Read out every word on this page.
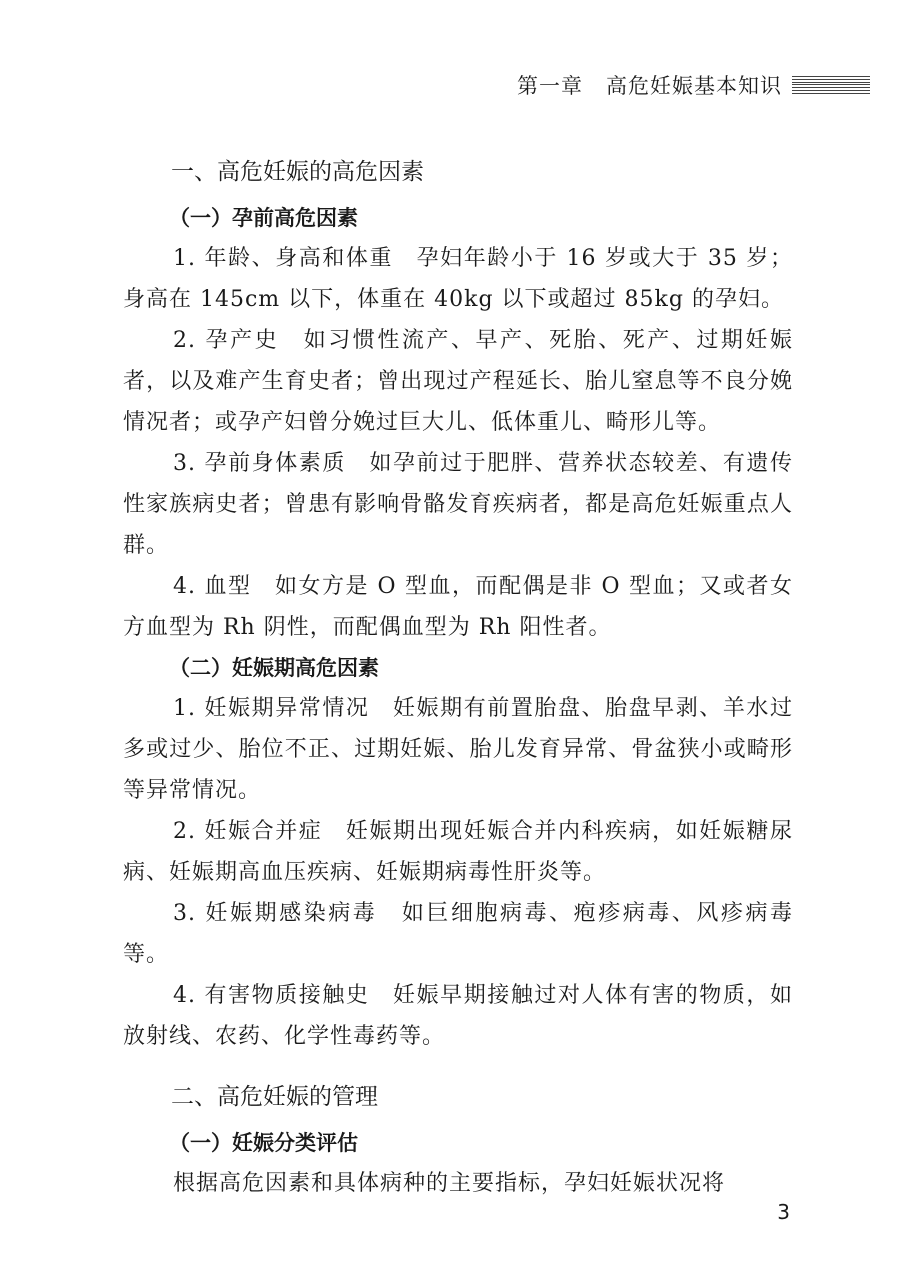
第一章   高危妊娠基本知识
一、高危妊娠的高危因素
（一）孕前高危因素

1. 年龄、身高和体重　孕妇年龄小于 16 岁或大于 35 岁；身高在 145cm 以下，体重在 40kg 以下或超过 85kg 的孕妇。

2. 孕产史　如习惯性流产、早产、死胎、死产、过期妊娠者，以及难产生育史者；曾出现过产程延长、胎儿窒息等不良分娩情况者；或孕产妇曾分娩过巨大儿、低体重儿、畸形儿等。

3. 孕前身体素质　如孕前过于肥胖、营养状态较差、有遗传性家族病史者；曾患有影响骨骼发育疾病者，都是高危妊娠重点人群。

4. 血型　如女方是 O 型血，而配偶是非 O 型血；又或者女方血型为 Rh 阴性，而配偶血型为 Rh 阳性者。

（二）妊娠期高危因素

1. 妊娠期异常情况　妊娠期有前置胎盘、胎盘早剥、羊水过多或过少、胎位不正、过期妊娠、胎儿发育异常、骨盆狭小或畸形等异常情况。

2. 妊娠合并症　妊娠期出现妊娠合并内科疾病，如妊娠糖尿病、妊娠期高血压疾病、妊娠期病毒性肝炎等。

3. 妊娠期感染病毒　如巨细胞病毒、疱疹病毒、风疹病毒等。

4. 有害物质接触史　妊娠早期接触过对人体有害的物质，如放射线、农药、化学性毒药等。

二、高危妊娠的管理
（一）妊娠分类评估

根据高危因素和具体病种的主要指标，孕妇妊娠状况将

3
